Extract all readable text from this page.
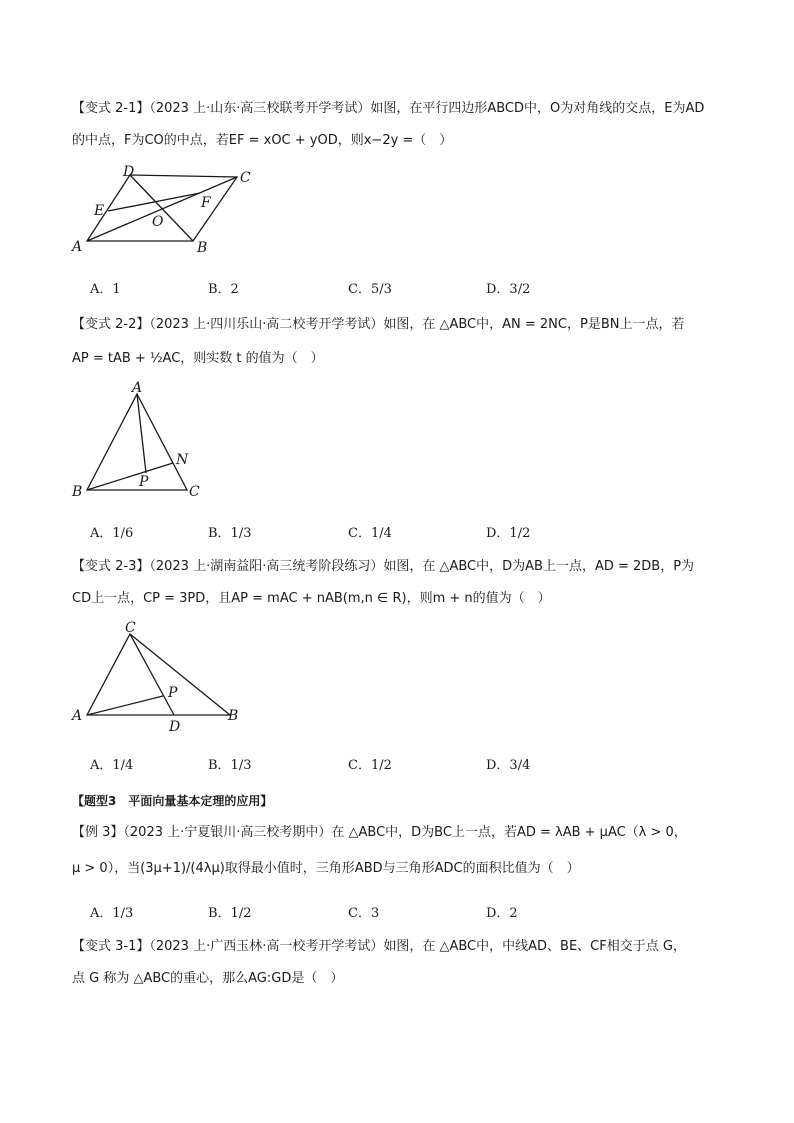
【变式 2-1】（2023 上·山东·高三校联考开学考试）如图，在平行四边形ABCD中，O为对角线的交点，E为AD
的中点，F为CO的中点，若EF = xOC + yOD，则x−2y =（　）
A
D	C
B
E	F
O
A．1	B．2	C．5/3	D．3/2
【变式 2-2】（2023 上·四川乐山·高二校考开学考试）如图，在 △ABC中，AN = 2NC，P是BN上一点，若
AP = tAB + ½AC，则实数 t 的值为（　）
A
B	C
N
P
A．1/6	B．1/3	C．1/4	D．1/2
【变式 2-3】（2023 上·湖南益阳·高三统考阶段练习）如图，在 △ABC中，D为AB上一点，AD = 2DB，P为
CD上一点，CP = 3PD，且AP = mAC + nAB(m,n ∈ R)，则m + n的值为（　）
C
A	B
D
P
A．1/4	B．1/3	C．1/2	D．3/4
【题型3　平面向量基本定理的应用】
【例 3】（2023 上·宁夏银川·高三校考期中）在 △ABC中，D为BC上一点，若AD = λAB + μAC（λ > 0，
μ > 0），当(3μ+1)/(4λμ)取得最小值时，三角形ABD与三角形ADC的面积比值为（　）
A．1/3	B．1/2	C．3	D．2
【变式 3-1】（2023 上·广西玉林·高一校考开学考试）如图，在 △ABC中，中线AD、BE、CF相交于点 G，
点 G 称为 △ABC的重心，那么AG:GD是（　）
